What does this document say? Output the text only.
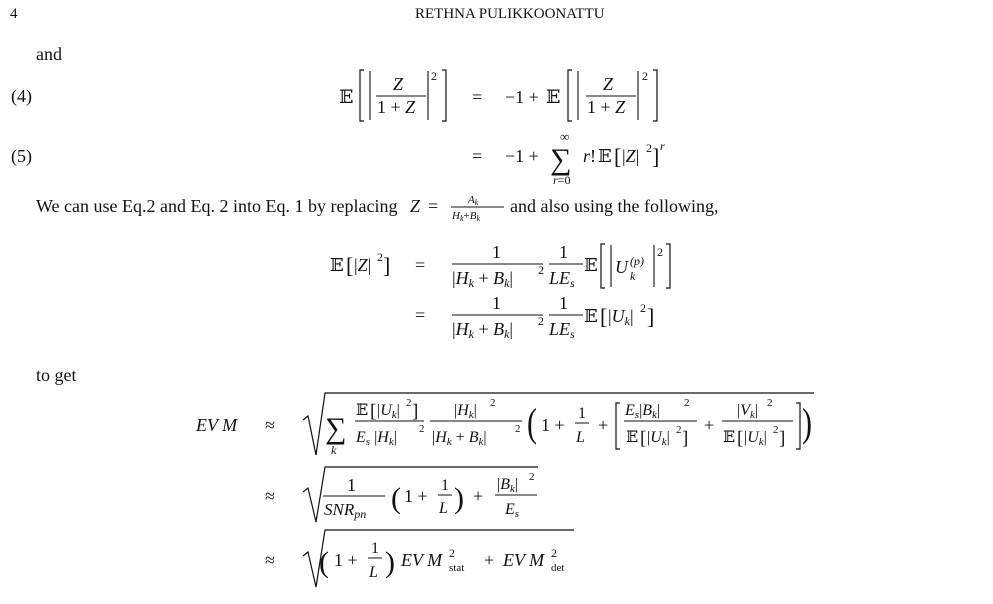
4	RETHNA PULIKKOONATTU
and
(4)
(5)
We can use Eq.2 and Eq. 2 into Eq. 1 by replacing	and also using the following,
to get
𝔼
Z
1 + Z
2
= −1 + 𝔼
Z
1 + Z
2
= −1 +
∞
∑
r=0
r! 𝔼 [ |Z| 2 ] r
Z =	Ak
Hk+Bk
𝔼 [ |Z| 2 ] =
1
|Hk + Bk| 2
1
LEs
𝔼 U (p)
k
2
=
1
|Hk + Bk| 2
1
LEs
𝔼 [ |Uk| 2 ]
EV M ≈ ∑
k
𝔼 [ |Uk| 2 ]
Es |Hk| 2
|Hk| 2
|Hk + Bk|	2 ( 1 +
1
L
+
Es|Bk| 2
𝔼 [ |Uk| 2 ]
+
|Vk| 2
𝔼 [ |Uk| 2 ] )
≈
1
SNRpn ( 1 +
1
L ) +
|Bk| 2
Es
≈ ( 1 +
1
L ) EV M 2
stat + EV M 2
det
